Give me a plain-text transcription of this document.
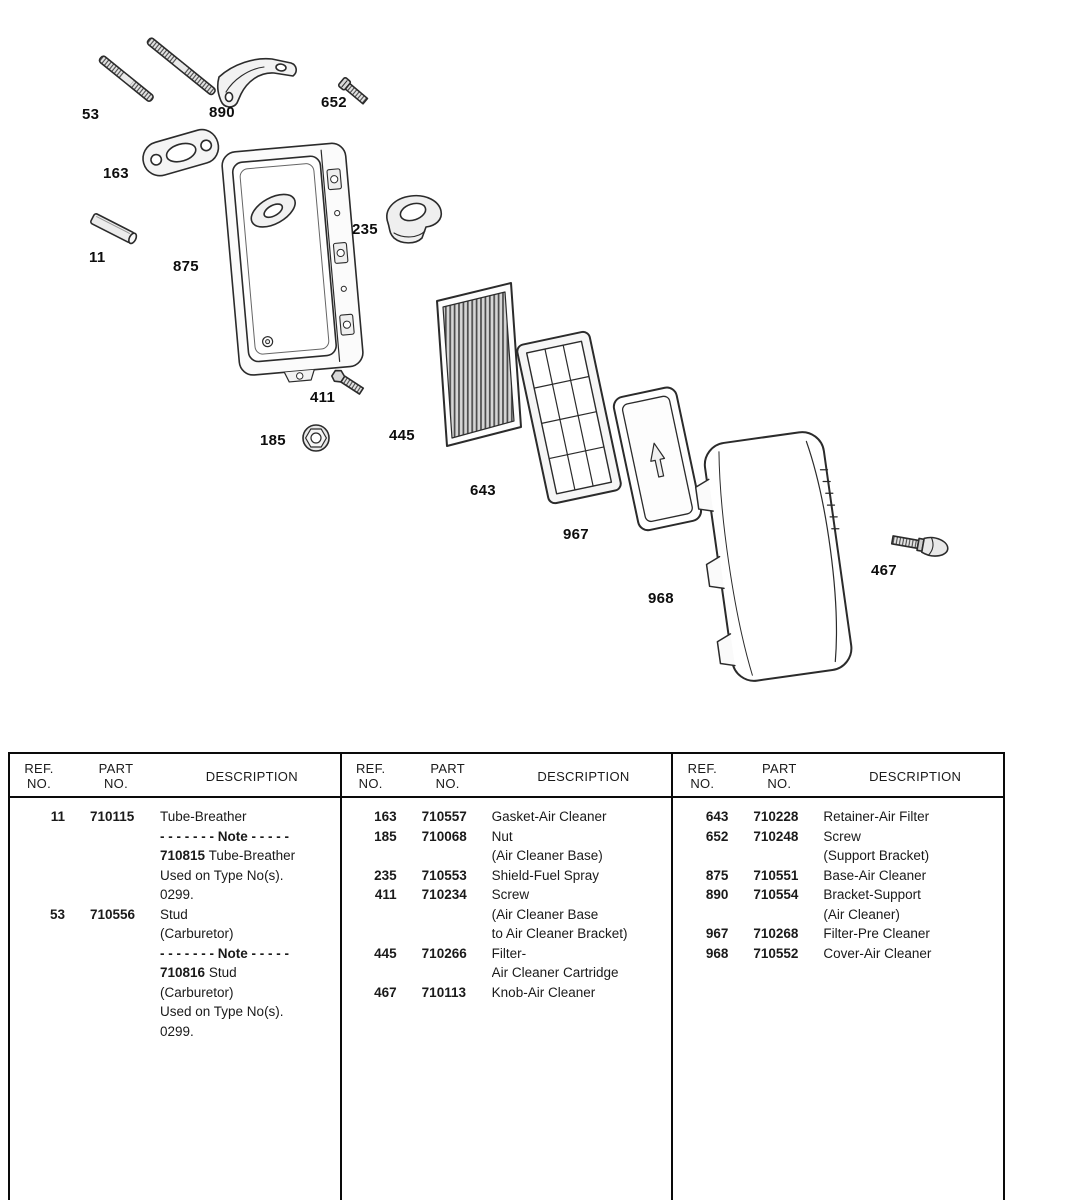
53	890
652
163
11
875
235
411
185	445
643
967
968
467
REF.
NO.
PART
NO.	DESCRIPTION
11 710115	Tube-Breather
- - - - - - - Note - - - - -
710815 Tube-Breather
Used on Type No(s).
0299.
53 710556	Stud
(Carburetor)
- - - - - - - Note - - - - -
710816 Stud
(Carburetor)
Used on Type No(s).
0299.
REF.
NO.
PART
NO.	DESCRIPTION
163 710557	Gasket-Air Cleaner
185 710068	Nut
(Air Cleaner Base)
235 710553	Shield-Fuel Spray
411 710234	Screw
(Air Cleaner Base
to Air Cleaner Bracket)
445 710266	Filter-
Air Cleaner Cartridge
467 710113	Knob-Air Cleaner
REF.
NO.
PART
NO.	DESCRIPTION
643 710228	Retainer-Air Filter
652 710248	Screw
(Support Bracket)
875 710551	Base-Air Cleaner
890 710554	Bracket-Support
(Air Cleaner)
967 710268	Filter-Pre Cleaner
968 710552	Cover-Air Cleaner
